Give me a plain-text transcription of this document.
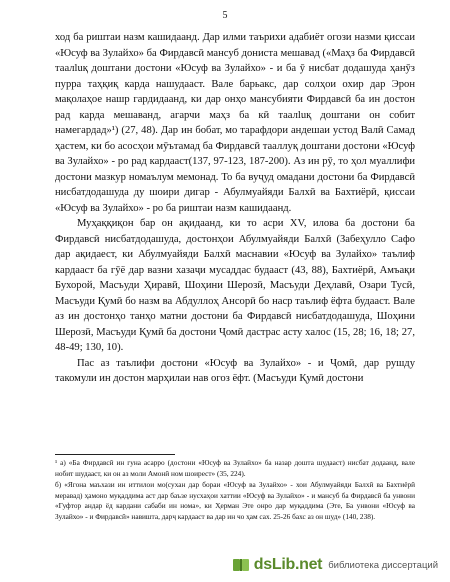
5

ход ба риштаи назм кашидаанд. Дар илми таърихи адабиёт огози назми қиссаи «Юсуф ва Зулайхо» ба Фирдавсӣ мансуб дониста мешавад («Маҳз ба Фирдавсӣ таалluқ доштани достони «Юсуф ва Зулайхо» - и ба ӯ нисбат додашуда ҳанӯз пурра таҳқиқ карда нашудааст. Вале барьакс, дар солҳои охир дар Эрон мақолаҳое нашр гардидаанд, ки дар онҳо мансубияти Фирдавсӣ ба ин достон рад карда мешаванд, агарчи маҳз ба кӣ таалluқ доштани он собит намегардад»¹) (27, 48). Дар ин бобат, мо тарафдори андешаи устод Валӣ Самад ҳастем, ки бо асосҳои мӯътамад ба Фирдавсӣ тааллуқ доштани достони «Юсуф ва Зулайхо» - ро рад кардааст(137, 97-123, 187-200). Аз ин рӯ, то ҳол муаллифи достони мазкур номаълум мемонад. То ба вуҷуд омадани достони ба Фирдавсӣ нисбатдодашуда ду шоири дигар - Абулмуайяди Балхӣ ва Бахтиёрӣ, қиссаи «Юсуф ва Зулайхо» - ро ба риштаи назм кашидаанд.

Муҳаққиқон бар он ақидаанд, ки то асри XV, илова ба достони ба Фирдавсӣ нисбатдодашуда, достонҳои Абулмуайяди Балхӣ (Забеҳулло Сафо дар ақидаест, ки Абулмуайяди Балхӣ маснавии «Юсуф ва Зулайхо» таълиф кардааст ба гӯё дар вазни хазаҷи мусаддас будааст (43, 88), Бахтиёрӣ, Амъақи Бухорой, Масъуди Ҳиравӣ, Шоҳини Шерозӣ, Масъуди Деҳлавӣ, Озари Тусӣ, Масъуди Қумӣ бо назм ва Абдуллоҳ Ансорӣ бо наср таълиф ёфта будааст. Вале аз ин достонҳо танҳо матни достони ба Фирдавсӣ нисбатдодашуда, Шоҳини Шерозӣ, Масъуди Қумӣ ба достони Ҷомӣ дастрас асту халос (15, 28; 16, 18; 27, 48-49; 130, 10).

Пас аз таълифи достони «Юсуф ва Зулайхо» - и Ҷомӣ, дар рушду такомули ин достон марҳилаи нав огоз ёфт. (Масъуди Қумӣ достони

¹ а) «Ба Фирдавсӣ ин гуна асарро (достони «Юсуф ва Зулайхо» ба назар дошта шудааст) нисбат додаанд, вале нобит шудааст, ки он аз моли Амонӣ ном шоирест» (35, 224).

б) «Ягона маъхази ин иттилои мо(сухан дар бораи «Юсуф ва Зулайхо» - хои Абулмуайяди Балхӣ ва Бахтиёрӣ меравад) ҳамоно муқаддима аст дар баъзе нусхаҳои хаттии «Юсуф ва Зулайхо» - и мансуб ба Фирдавсӣ ба унвони «Гуфтор андар ёд кардани сабаби ин нома», ки Ҳерман Эте онро дар муқаддима (Эте, Ба унвони «Юсуф ва Зулайхо» - и Фирдавсӣ» навишта, дарҷ кардааст ва дар ин чо ҳам сах. 25-26 бахс аз он шуд» (140, 238).

dsLib.net библиотека диссертаций
